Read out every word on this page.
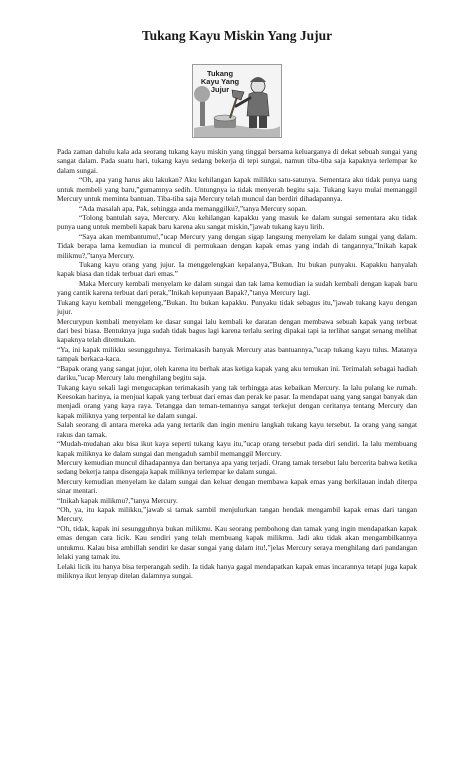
Tukang Kayu Miskin Yang Jujur
Tukang Kayu Yang Jujur

Pada zaman dahulu kala ada seorang tukang kayu miskin yang tinggal bersama keluarganya di dekat sebuah sungai yang sangat dalam. Pada suatu hari, tukang kayu sedang bekerja di tepi sungai, namun tiba-tiba saja kapaknya terlempar ke dalam sungai.

“Oh, apa yang harus aku lakukan? Aku kehilangan kapak milikku satu-satunya. Sementara aku tidak punya uang untuk membeli yang baru,”gumamnya sedih. Untungnya ia tidak menyerah begitu saja. Tukang kayu mulai memanggil Mercury untuk meminta bantuan. Tiba-tiba saja Mercury telah muncul dan berdiri dihadapannya.

“Ada masalah apa, Pak, sehingga anda memanggilku?,”tanya Mercury sopan.

“Tolong bantulah saya, Mercury. Aku kehilangan kapakku yang masuk ke dalam sungai sementara aku tidak punya uang untuk membeli kapak baru karena aku sangat miskin,”jawab tukang kayu lirih.

“Saya akan membantumu!,”ucap Mercury yang dengan sigap langsung menyelam ke dalam sungai yang dalam. Tidak berapa lama kemudian ia muncul di permukaan dengan kapak emas yang indah di tangannya,”Inikah kapak milikmu?,”tanya Mercury.

Tukang kayu orang yang jujur. Ia menggelengkan kepalanya,”Bukan. Itu bukan punyaku. Kapakku hanyalah kapak biasa dan tidak terbuat dari emas.”

Maka Mercury kembali menyelam ke dalam sungai dan tak lama kemudian ia sudah kembali dengan kapak baru yang cantik karena terbuat dari perak,”Inikah kepunyaan Bapak?,”tanya Mercury lagi.

Tukang kayu kembali menggeleng,”Bukan. Itu bukan kapakku. Punyaku tidak sebagus itu,”jawab tukang kayu dengan jujur.

Mercurypun kembali menyelam ke dasar sungai lalu kembali ke daratan dengan membawa sebuah kapak yang terbuat dari besi biasa. Bentuknya juga sudah tidak bagus lagi karena terlalu sering dipakai tapi ia terlihat sangat senang melihat kapaknya telah ditemukan.

“Ya, ini kapak milikku sesungguhnya. Terimakasih banyak Mercury atas bantuannya,”ucap tukang kayu tulus. Matanya tampak berkaca-kaca.

“Bapak orang yang sangat jujur, oleh karena itu berhak atas ketiga kapak yang aku temukan ini. Terimalah sebagai hadiah dariku,”ucap Mercury lalu menghilang begitu saja.

Tukang kayu sekali lagi mengucapkan terimakasih yang tak terhingga atas kebaikan Mercury. Ia lalu pulang ke rumah. Keesokan harinya, ia menjual kapak yang terbuat dari emas dan perak ke pasar. Ia mendapat uang yang sangat banyak dan menjadi orang yang kaya raya. Tetangga dan teman-temannya sangat terkejut dengan ceritanya tentang Mercury dan kapak miliknya yang terpental ke dalam sungai.

Salah seorang di antara mereka ada yang tertarik dan ingin meniru langkah tukang kayu tersebut. Ia orang yang sangat rakus dan tamak.

“Mudah-mudahan aku bisa ikut kaya seperti tukang kayu itu,”ucap orang tersebut pada diri sendiri. Ia lalu membuang kapak miliknya ke dalam sungai dan mengaduh sambil memanggil Mercury.

Mercury kemudian muncul dihadapannya dan bertanya apa yang terjadi. Orang tamak tersebut lalu bercerita bahwa ketika sedang bekerja tanpa disengaja kapak miliknya terlempar ke dalam sungai.

Mercury kemudian menyelam ke dalam sungai dan keluar dengan membawa kapak emas yang berkilauan indah diterpa sinar mentari.

“Inikah kapak milikmu?,”tanya Mercury.

“Oh, ya, itu kapak milikku,”jawab si tamak sambil menjulurkan tangan hendak mengambil kapak emas dari tangan Mercury.

“Oh, tidak, kapak ini sesungguhnya bukan milikmu. Kau seorang pembohong dan tamak yang ingin mendapatkan kapak emas dengan cara licik. Kau sendiri yang telah membuang kapak milikmu. Jadi aku tidak akan mengambilkannya untukmu. Kalau bisa ambillah sendiri ke dasar sungai yang dalam itu!,”jelas Mercury seraya menghilang dari pandangan lelaki yang tamak itu.

Lelaki licik itu hanya bisa terperangah sedih. Ia tidak hanya gagal mendapatkan kapak emas incarannya tetapi juga kapak miliknya ikut lenyap ditelan dalamnya sungai.
